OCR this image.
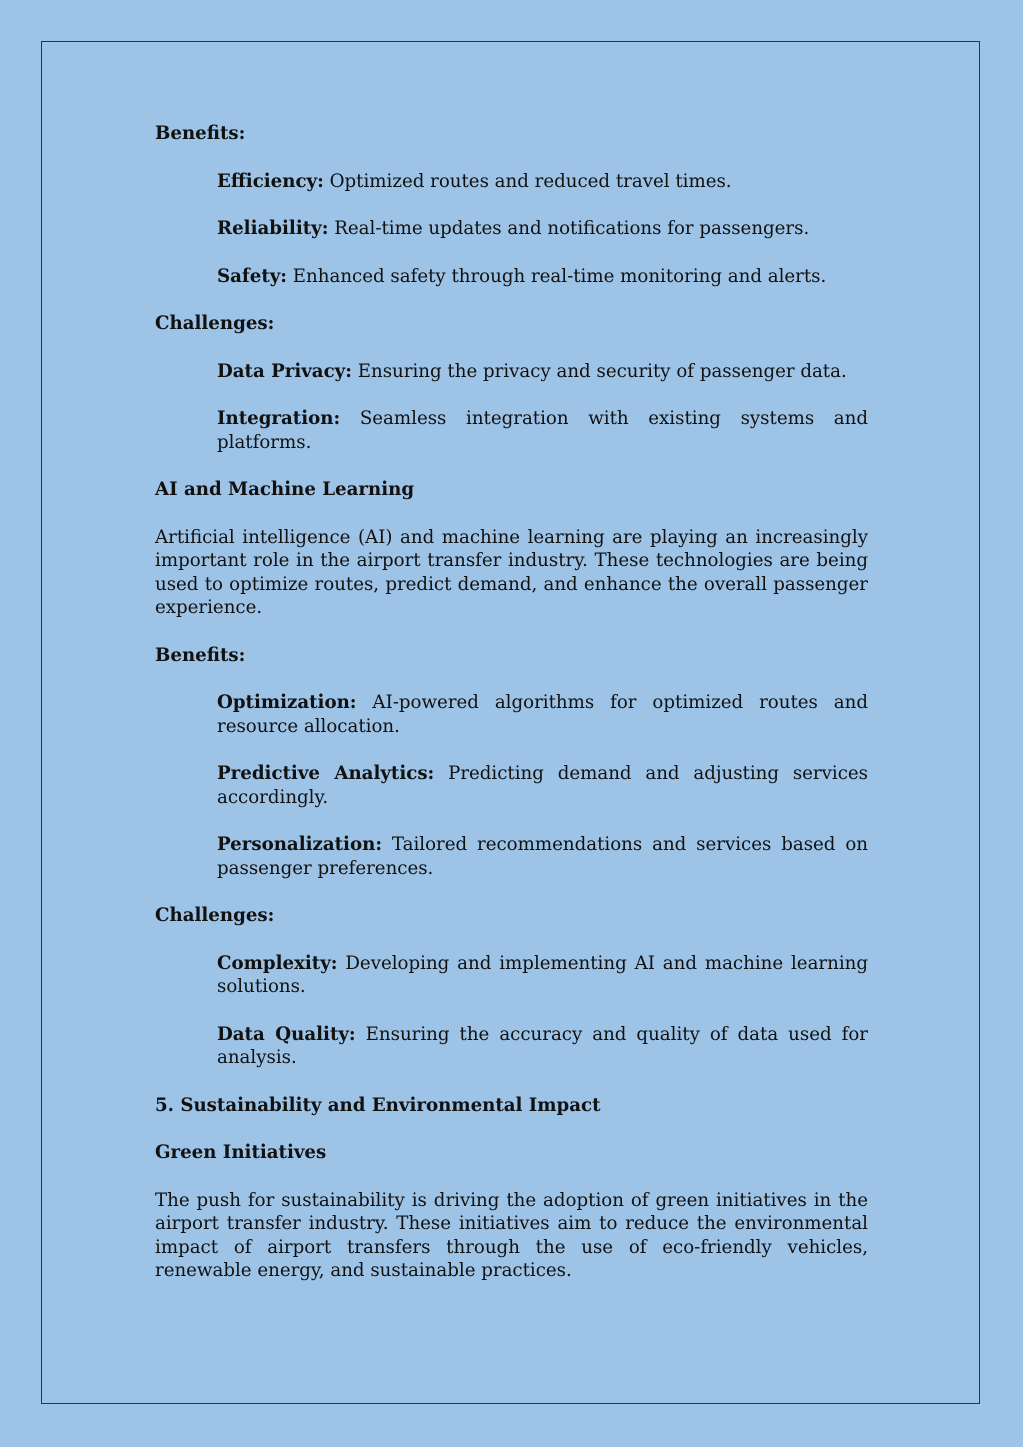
Benefits:
Efficiency: Optimized routes and reduced travel times.
Reliability: Real-time updates and notifications for passengers.
Safety: Enhanced safety through real-time monitoring and alerts.
Challenges:
Data Privacy: Ensuring the privacy and security of passenger data.
Integration: Seamless integration with existing systems and platforms.
AI and Machine Learning
Artificial intelligence (AI) and machine learning are playing an increasingly important role in the airport transfer industry. These technologies are being used to optimize routes, predict demand, and enhance the overall passenger experience.
Benefits:
Optimization: AI-powered algorithms for optimized routes and resource allocation.
Predictive Analytics: Predicting demand and adjusting services accordingly.
Personalization: Tailored recommendations and services based on passenger preferences.
Challenges:
Complexity: Developing and implementing AI and machine learning solutions.
Data Quality: Ensuring the accuracy and quality of data used for analysis.
5. Sustainability and Environmental Impact
Green Initiatives
The push for sustainability is driving the adoption of green initiatives in the airport transfer industry. These initiatives aim to reduce the environmental impact of airport transfers through the use of eco-friendly vehicles, renewable energy, and sustainable practices.
